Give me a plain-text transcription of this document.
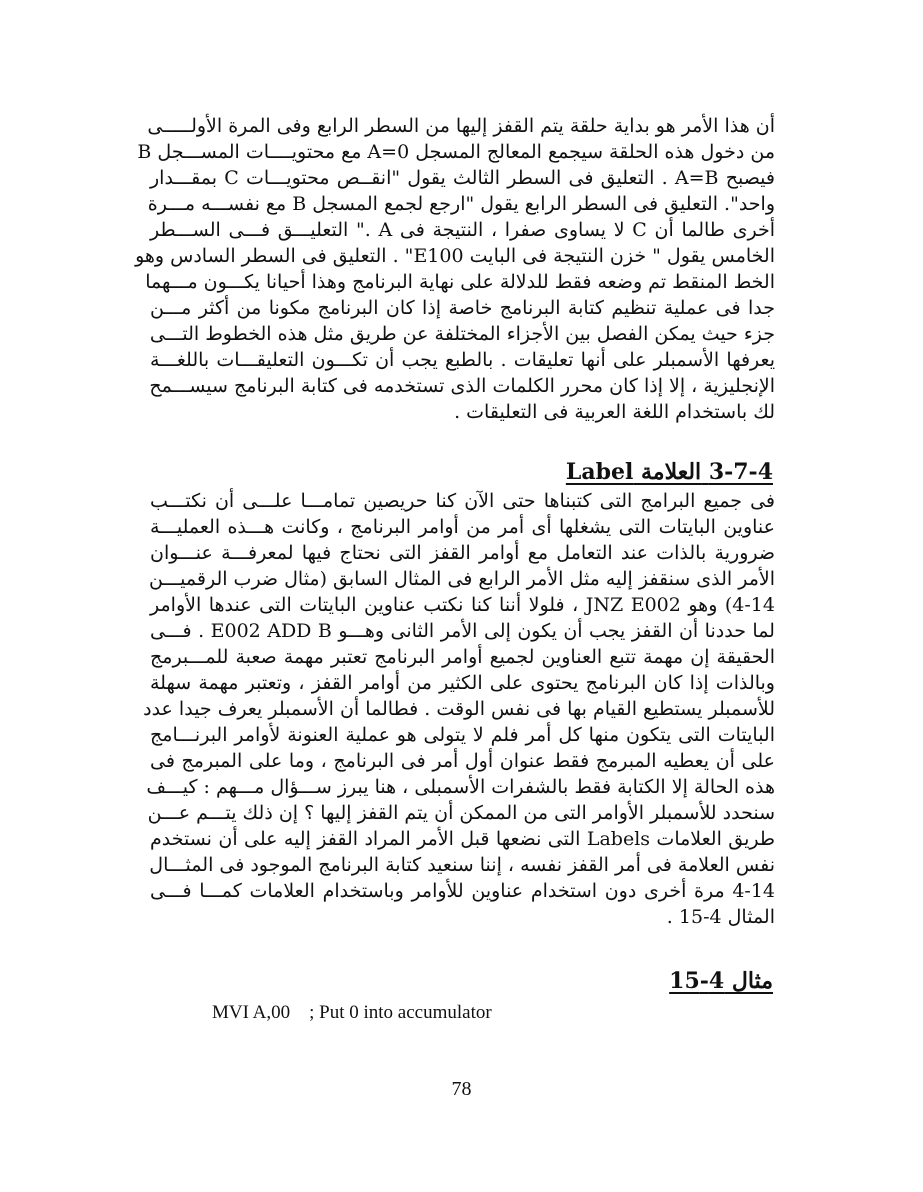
أن هذا الأمر هو بداية حلقة يتم القفز إليها من السطر الرابع وفى المرة الأولـــــى
من دخول هذه الحلقة سيجمع المعالج المسجل A=0 مع محتويــــات المســـجل B
فيصبح A=B . التعليق فى السطر الثالث يقول "انقــص محتويـــات C بمقـــدار
واحد". التعليق فى السطر الرابع يقول "ارجع لجمع المسجل B مع نفســـه مـــرة
أخرى طالما أن C لا يساوى صفرا ، النتيجة فى A ." التعليـــق فـــى الســـطر
الخامس يقول " خزن النتيجة فى البايت E100" . التعليق فى السطر السادس وهو
الخط المنقط تم وضعه فقط للدلالة على نهاية البرنامج وهذا أحيانا يكـــون مـــهما
جدا فى عملية تنظيم كتابة البرنامج خاصة إذا كان البرنامج مكونا من أكثر مـــن
جزء حيث يمكن الفصل بين الأجزاء المختلفة عن طريق مثل هذه الخطوط التـــى
يعرفها الأسمبلر على أنها تعليقات . بالطبع يجب أن تكـــون التعليقـــات باللغـــة
الإنجليزية ، إلا إذا كان محرر الكلمات الذى تستخدمه فى كتابة البرنامج سيســـمح
لك باستخدام اللغة العربية فى التعليقات .
3-7-4 العلامة Label
فى جميع البرامج التى كتبناها حتى الآن كنا حريصين تمامـــا علـــى أن نكتـــب
عناوين البايتات التى يشغلها أى أمر من أوامر البرنامج ، وكانت هـــذه العمليـــة
ضرورية بالذات عند التعامل مع أوامر القفز التى نحتاج فيها لمعرفـــة عنـــوان
الأمر الذى سنقفز إليه مثل الأمر الرابع فى المثال السابق (مثال ضرب الرقميـــن
4-14) وهو JNZ E002 ، فلولا أننا كنا نكتب عناوين البايتات التى عندها الأوامر
لما حددنا أن القفز يجب أن يكون إلى الأمر الثانى وهـــو E002 ADD B . فـــى
الحقيقة إن مهمة تتبع العناوين لجميع أوامر البرنامج تعتبر مهمة صعبة للمـــبرمج
وبالذات إذا كان البرنامج يحتوى على الكثير من أوامر القفز ، وتعتبر مهمة سهلة
للأسمبلر يستطيع القيام بها فى نفس الوقت . فطالما أن الأسمبلر يعرف جيدا عدد
البايتات التى يتكون منها كل أمر فلم لا يتولى هو عملية العنونة لأوامر البرنـــامج
على أن يعطيه المبرمج فقط عنوان أول أمر فى البرنامج ، وما على المبرمج فى
هذه الحالة إلا الكتابة فقط بالشفرات الأسمبلى ، هنا يبرز ســـؤال مـــهم : كيـــف
سنحدد للأسمبلر الأوامر التى من الممكن أن يتم القفز إليها ؟ إن ذلك يتـــم عـــن
طريق العلامات Labels التى نضعها قبل الأمر المراد القفز إليه على أن نستخدم
نفس العلامة فى أمر القفز نفسه ، إننا سنعيد كتابة البرنامج الموجود فى المثـــال
4-14 مرة أخرى دون استخدام عناوين للأوامر وباستخدام العلامات كمـــا فـــى
المثال 4-15 .
مثال 4-15
MVI A,00 ; Put 0 into accumulator
78
